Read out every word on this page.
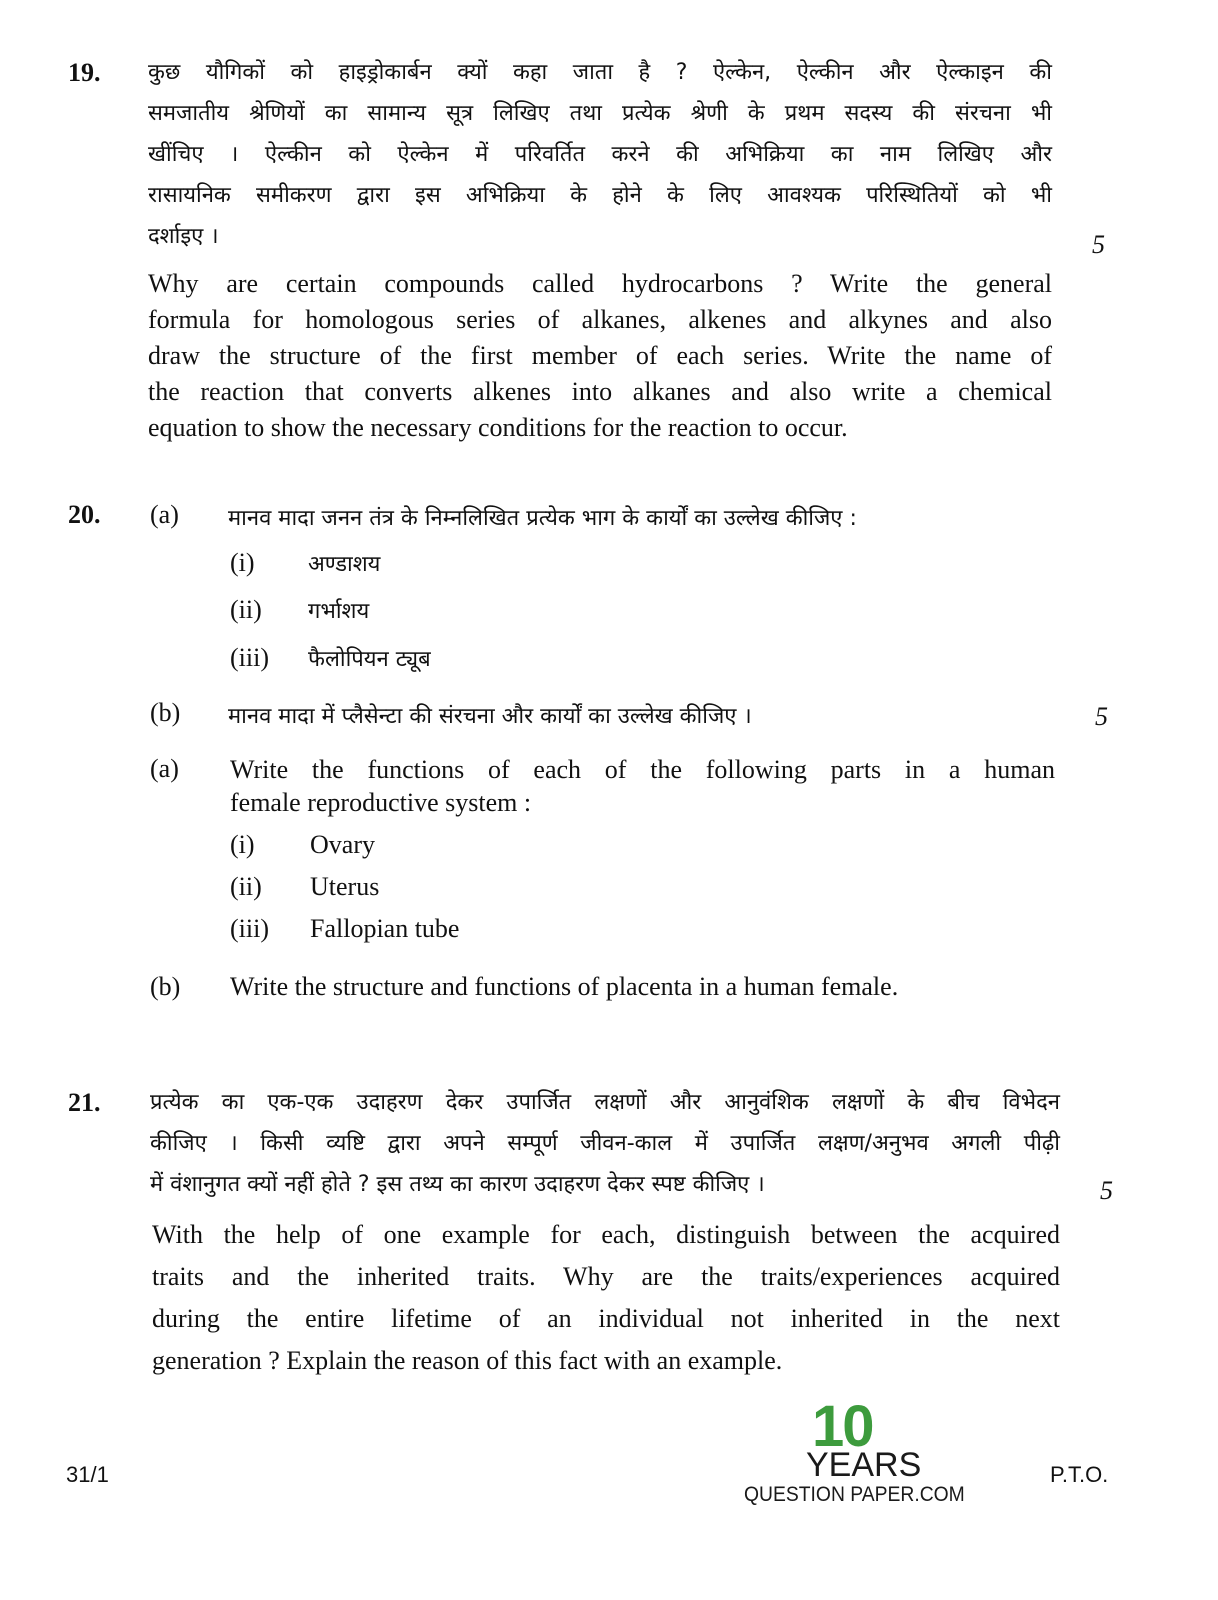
19. कुछ यौगिकों को हाइड्रोकार्बन क्यों कहा जाता है ? ऐल्केन, ऐल्कीन और ऐल्काइन की
समजातीय श्रेणियों का सामान्य सूत्र लिखिए तथा प्रत्येक श्रेणी के प्रथम सदस्य की संरचना भी
खींचिए । ऐल्कीन को ऐल्केन में परिवर्तित करने की अभिक्रिया का नाम लिखिए और
रासायनिक समीकरण द्वारा इस अभिक्रिया के होने के लिए आवश्यक परिस्थितियों को भी
दर्शाइए ।	5
Why are certain compounds called hydrocarbons ? Write the general
formula for homologous series of alkanes, alkenes and alkynes and also
draw the structure of the first member of each series. Write the name of
the reaction that converts alkenes into alkanes and also write a chemical
equation to show the necessary conditions for the reaction to occur.
20. (a) मानव मादा जनन तंत्र के निम्नलिखित प्रत्येक भाग के कार्यों का उल्लेख कीजिए :
(i) अण्डाशय
(ii) गर्भाशय
(iii) फैलोपियन ट्यूब
(b) मानव मादा में प्लैसेन्टा की संरचना और कार्यों का उल्लेख कीजिए ।	5
(a) Write the functions of each of the following parts in a human
female reproductive system :
(i) Ovary
(ii) Uterus
(iii) Fallopian tube
(b) Write the structure and functions of placenta in a human female.
21. प्रत्येक का एक-एक उदाहरण देकर उपार्जित लक्षणों और आनुवंशिक लक्षणों के बीच विभेदन
कीजिए । किसी व्यष्टि द्वारा अपने सम्पूर्ण जीवन-काल में उपार्जित लक्षण/अनुभव अगली पीढ़ी
में वंशानुगत क्यों नहीं होते ? इस तथ्य का कारण उदाहरण देकर स्पष्ट कीजिए ।	5
With the help of one example for each, distinguish between the acquired
traits and the inherited traits. Why are the traits/experiences acquired
during the entire lifetime of an individual not inherited in the next
generation ? Explain the reason of this fact with an example.
31/1	P.T.O.
10
YEARS
QUESTION PAPER.COM
